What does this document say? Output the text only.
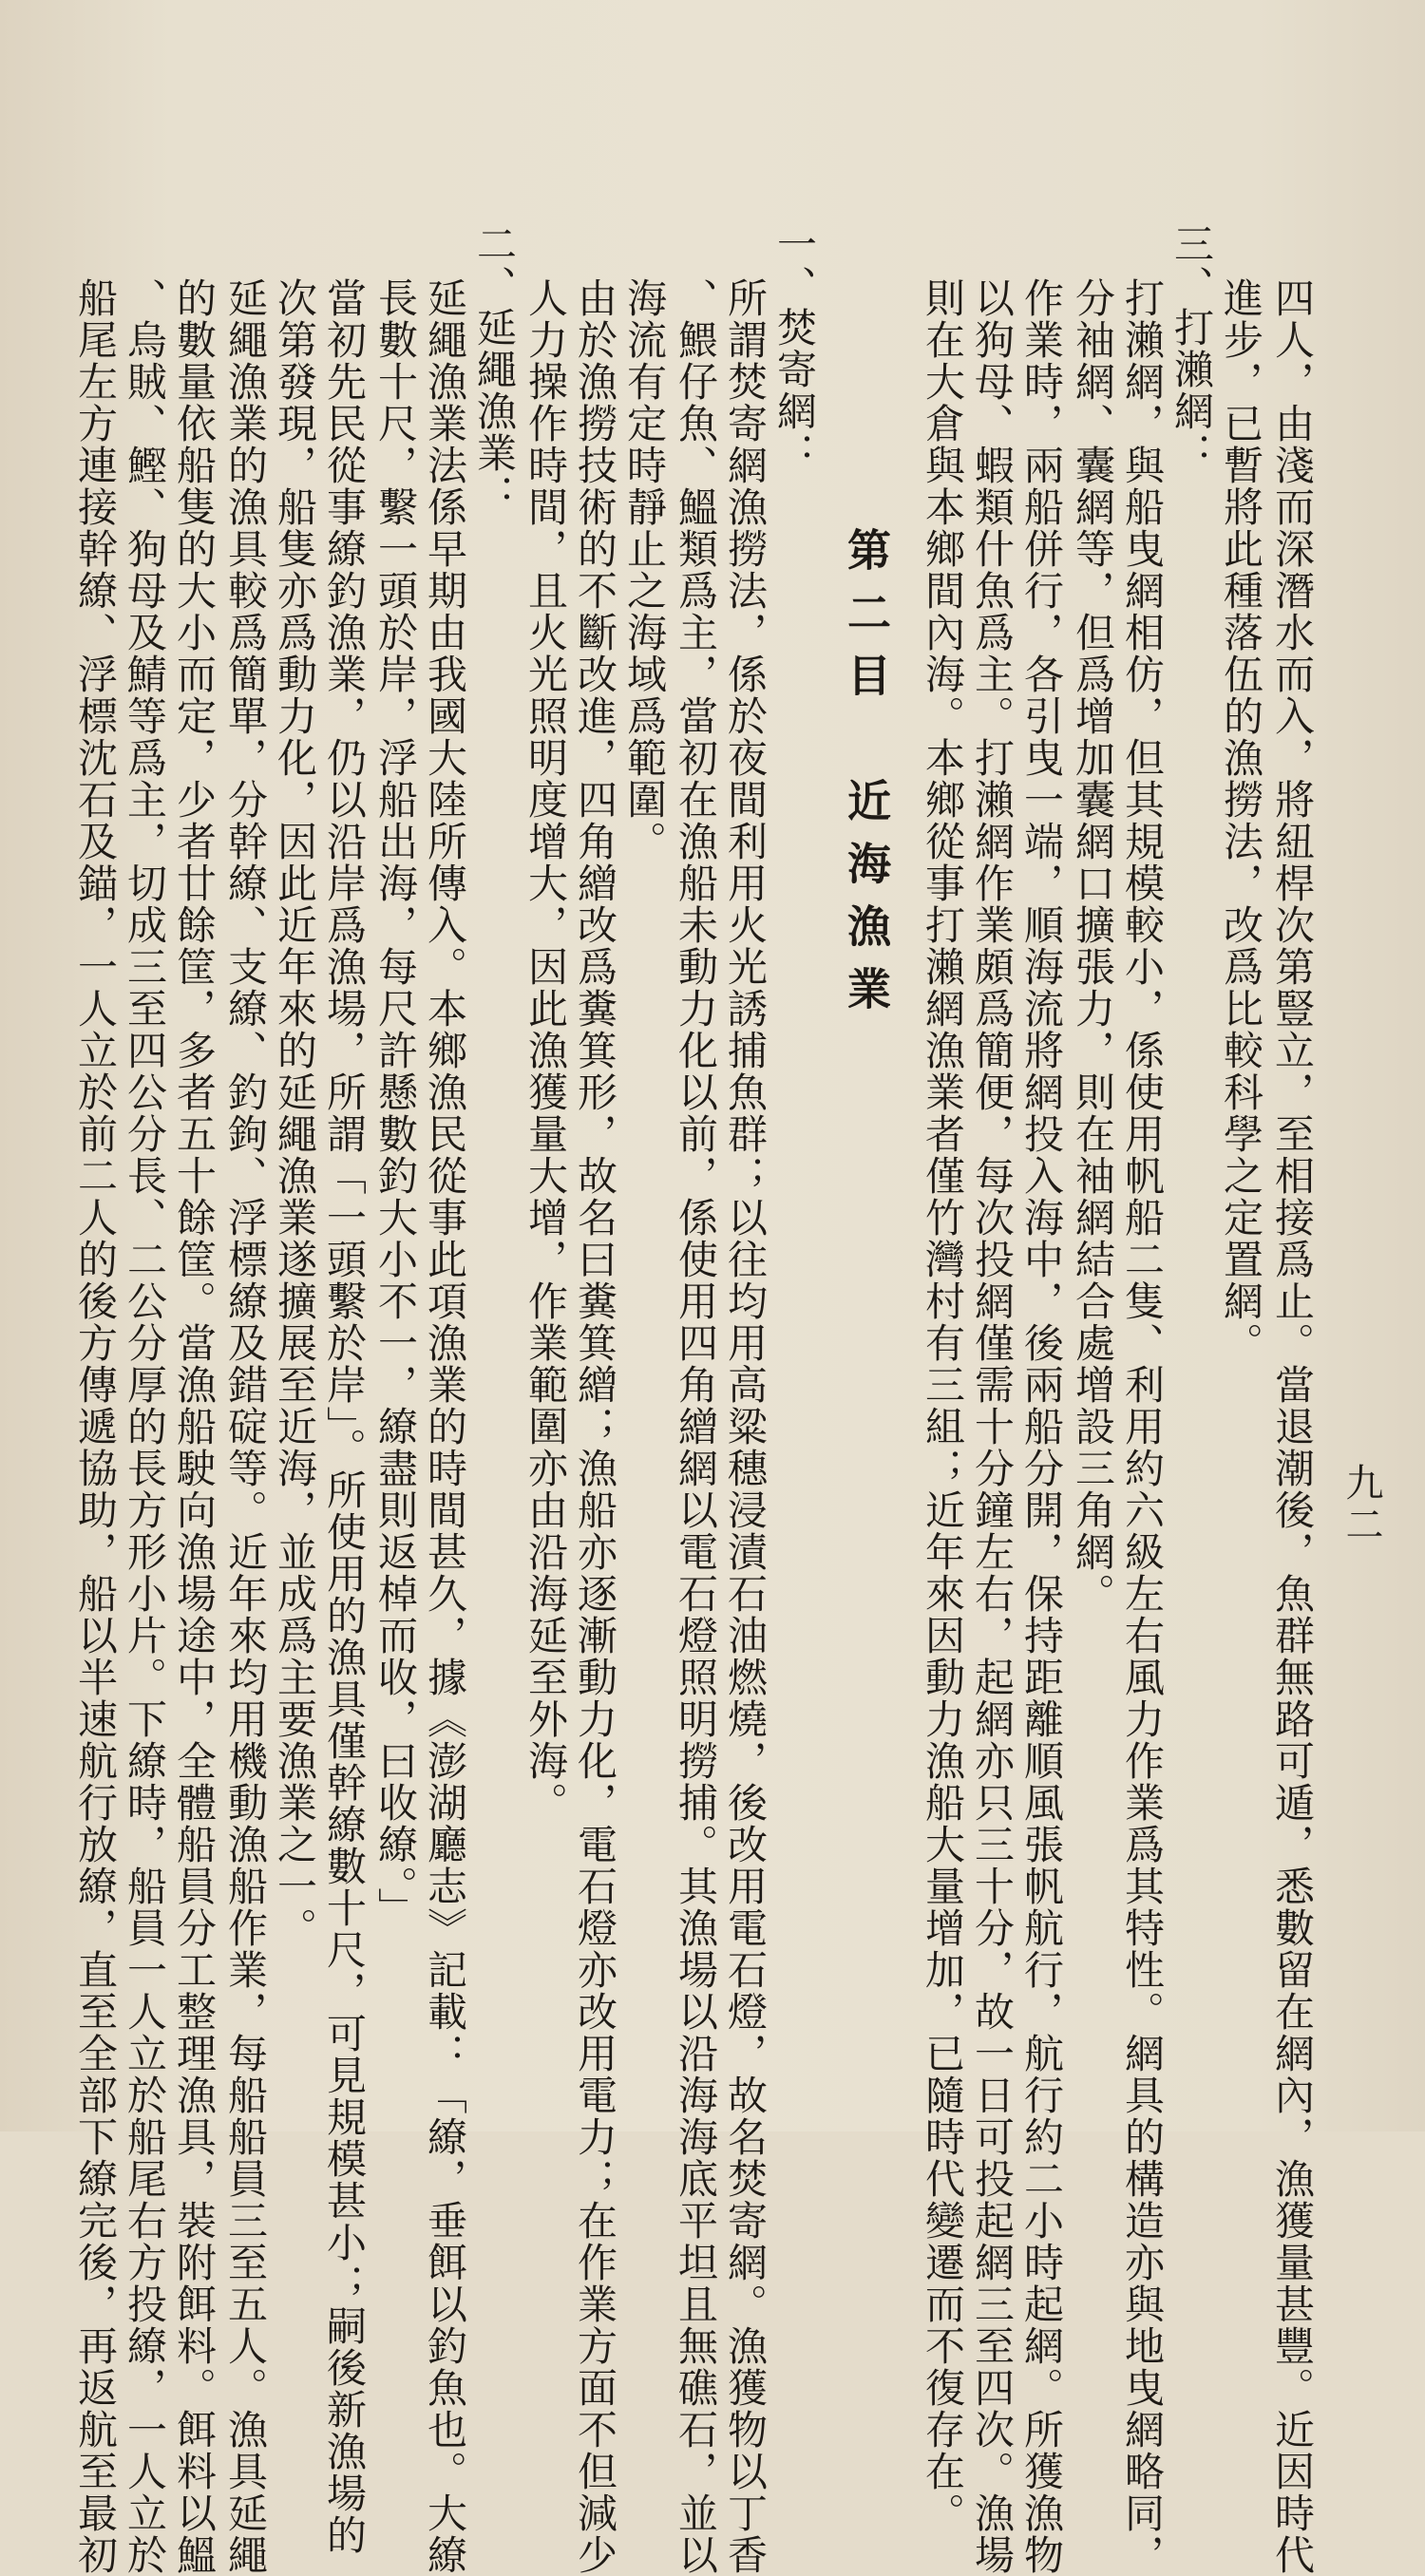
九二
四人，由淺而深潛水而入，將紐桿次第豎立，至相接爲止。當退潮後，魚群無路可遁，悉數留在網內，漁獲量甚豐。近因時代
進步，已暫將此種落伍的漁撈法，改爲比較科學之定置網。
三、打瀨網：
打瀨網，與船曳網相仿，但其規模較小，係使用帆船二隻、利用約六級左右風力作業爲其特性。網具的構造亦與地曳網略同，
分袖網、囊網等，但爲增加囊網口擴張力，則在袖網結合處增設三角網。
作業時，兩船併行，各引曳一端，順海流將網投入海中，後兩船分開，保持距離順風張帆航行，航行約二小時起網。所獲漁物
以狗母、蝦類什魚爲主。打瀨網作業頗爲簡便，每次投網僅需十分鐘左右，起網亦只三十分，故一日可投起網三至四次。漁場
則在大倉與本鄉間內海。本鄉從事打瀨網漁業者僅竹灣村有三組；近年來因動力漁船大量增加，已隨時代變遷而不復存在。
第二目　近海漁業
一、焚寄網：
所謂焚寄網漁撈法，係於夜間利用火光誘捕魚群；以往均用高粱穗浸漬石油燃燒，後改用電石燈，故名焚寄網。漁獲物以丁香
、鰃仔魚、鰮類爲主，當初在漁船未動力化以前，係使用四角繒網以電石燈照明撈捕。其漁場以沿海海底平坦且無礁石，並以
海流有定時靜止之海域爲範圍。
由於漁撈技術的不斷改進，四角繒改爲糞箕形，故名曰糞箕繒；漁船亦逐漸動力化，電石燈亦改用電力；在作業方面不但減少
人力操作時間，且火光照明度增大，因此漁獲量大增，作業範圍亦由沿海延至外海。
二、延繩漁業：
延繩漁業法係早期由我國大陸所傳入。本鄉漁民從事此項漁業的時間甚久，據《澎湖廳志》記載：「繚，垂餌以釣魚也。大繚
長數十尺，繫一頭於岸，浮船出海，每尺許懸數釣大小不一，繚盡則返棹而收，曰收繚。」
當初先民從事繚釣漁業，仍以沿岸爲漁場，所謂「一頭繫於岸」。所使用的漁具僅幹繚數十尺，可見規模甚小；嗣後新漁場的
次第發現，船隻亦爲動力化，因此近年來的延繩漁業遂擴展至近海，並成爲主要漁業之一。
延繩漁業的漁具較爲簡單，分幹繚、支繚、釣鉤、浮標繚及錯碇等。近年來均用機動漁船作業，每船船員三至五人。漁具延繩
的數量依船隻的大小而定，少者廿餘筐，多者五十餘筐。當漁船駛向漁場途中，全體船員分工整理漁具，裝附餌料。餌料以鰮
、烏賊、鰹、狗母及鯖等爲主，切成三至四公分長、二公分厚的長方形小片。下繚時，船員一人立於船尾右方投繚，一人立於
船尾左方連接幹繚、浮標沈石及錨，一人立於前二人的後方傳遞協助，船以半速航行放繚，直至全部下繚完後，再返航至最初
